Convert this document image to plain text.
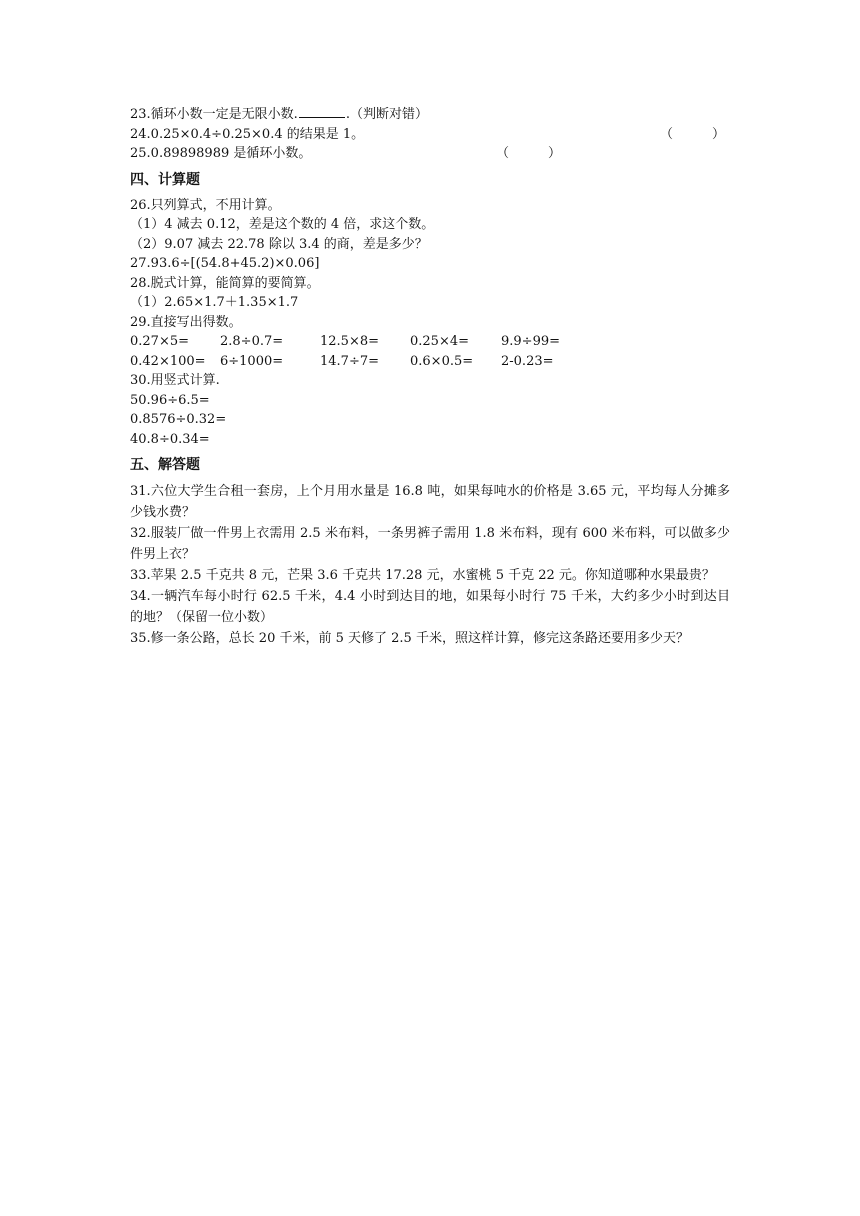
23.循环小数一定是无限小数.	.（判断对错）
24.0.25×0.4÷0.25×0.4 的结果是 1。	（　　　）
25.0.89898989 是循环小数。	（　　　）
四、计算题
26.只列算式，不用计算。
（1）4 减去 0.12，差是这个数的 4 倍，求这个数。
（2）9.07 减去 22.78 除以 3.4 的商，差是多少？
27.93.6÷[(54.8+45.2)×0.06]
28.脱式计算，能简算的要简算。
（1）2.65×1.7＋1.35×1.7
29.直接写出得数。
0.27×5=	2.8÷0.7=	12.5×8=	0.25×4=	9.9÷99=
0.42×100=	6÷1000=	14.7÷7=	0.6×0.5=	2-0.23=
30.用竖式计算.
50.96÷6.5=
0.8576÷0.32=
40.8÷0.34=
五、解答题
31.六位大学生合租一套房，上个月用水量是 16.8 吨，如果每吨水的价格是 3.65 元，平均每人分摊多少钱水费？
32.服装厂做一件男上衣需用 2.5 米布料，一条男裤子需用 1.8 米布料，现有 600 米布料，可以做多少件男上衣？
33.苹果 2.5 千克共 8 元，芒果 3.6 千克共 17.28 元，水蜜桃 5 千克 22 元。你知道哪种水果最贵？
34.一辆汽车每小时行 62.5 千米，4.4 小时到达目的地，如果每小时行 75 千米，大约多少小时到达目的地？（保留一位小数）
35.修一条公路，总长 20 千米，前 5 天修了 2.5 千米，照这样计算，修完这条路还要用多少天？
